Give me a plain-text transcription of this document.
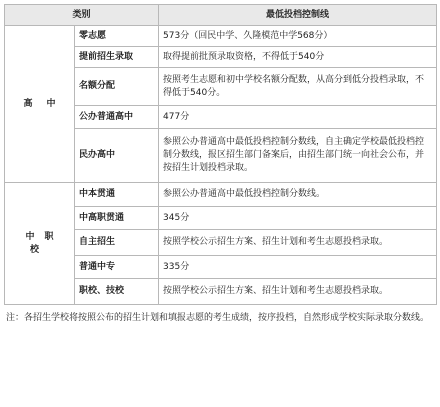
类别		最低投档控制线
高中	零志愿	573分（回民中学、久隆模范中学568分）
	提前招生录取	取得提前批预录取资格，不得低于540分
	名额分配	按照考生志愿和初中学校名额分配数，从高分到低分投档录取，不得低于540分。
	公办普通高中	477分
	民办高中	参照公办普通高中最低投档控制分数线，自主确定学校最低投档控制分数线，报区招生部门备案后，由招生部门统一向社会公布，并按招生计划投档录取。
中职校	中本贯通	参照公办普通高中最低投档控制分数线。
	中高职贯通	345分
	自主招生	按照学校公示招生方案、招生计划和考生志愿投档录取。
	普通中专	335分
	职校、技校	按照学校公示招生方案、招生计划和考生志愿投档录取。
注：各招生学校将按照公布的招生计划和填报志愿的考生成绩，按序投档，自然形成学校实际录取分数线。
